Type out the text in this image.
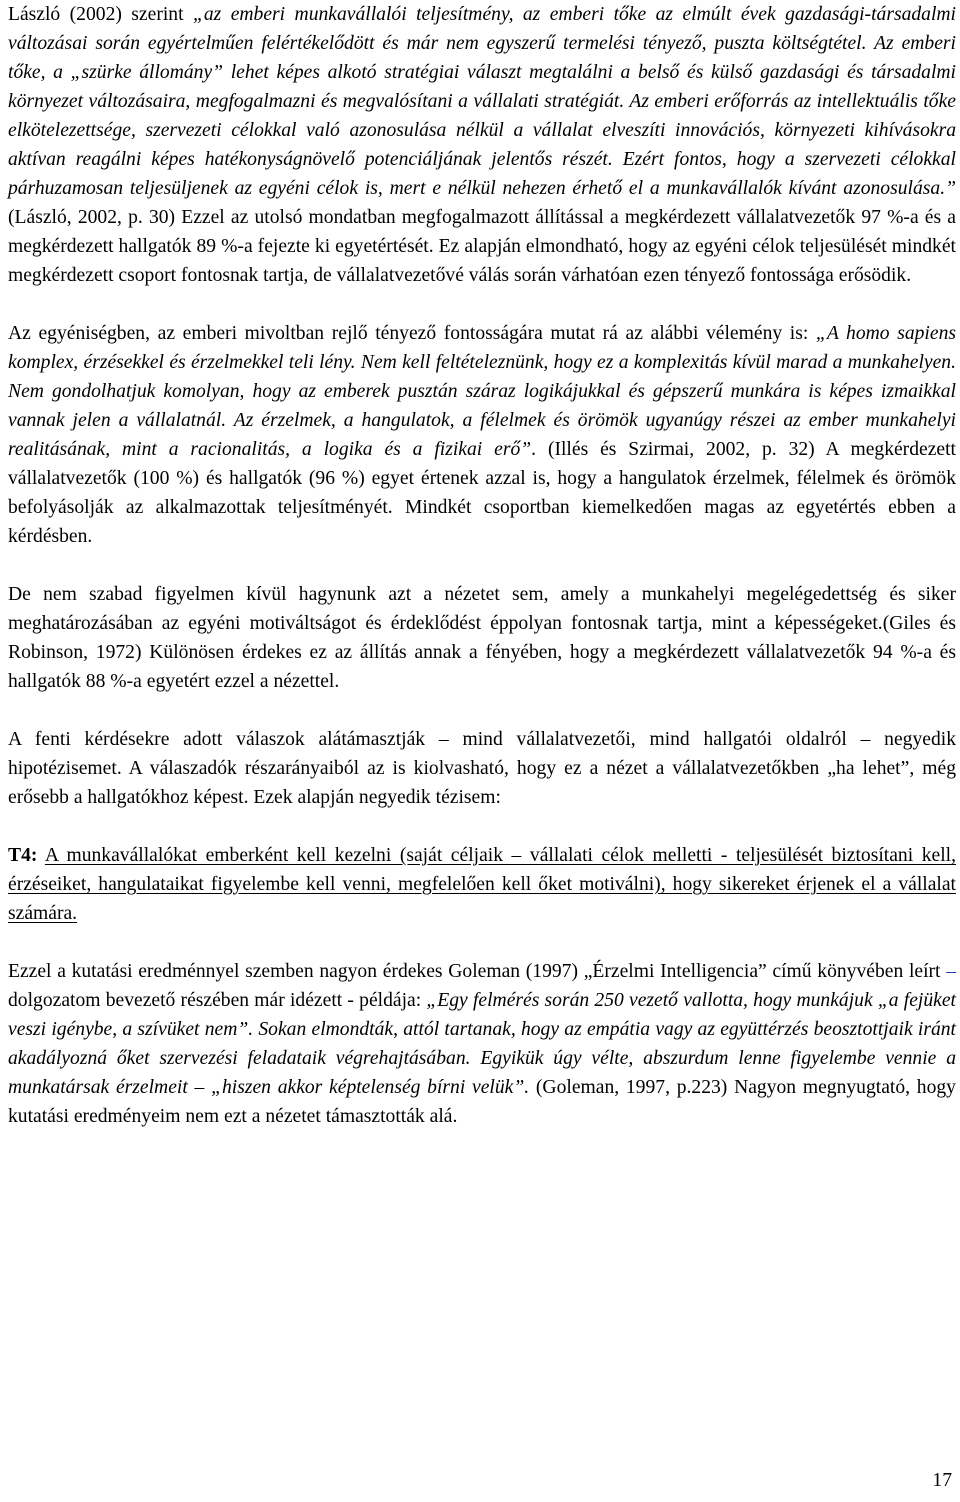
László (2002) szerint „az emberi munkavállalói teljesítmény, az emberi tőke az elmúlt évek gazdasági-társadalmi változásai során egyértelműen felértékelődött és már nem egyszerű termelési tényező, puszta költségtétel. Az emberi tőke, a „szürke állomány” lehet képes alkotó stratégiai választ megtalálni a belső és külső gazdasági és társadalmi környezet változásaira, megfogalmazni és megvalósítani a vállalati stratégiát. Az emberi erőforrás az intellektuális tőke elkötelezettsége, szervezeti célokkal való azonosulása nélkül a vállalat elveszíti innovációs, környezeti kihívásokra aktívan reagálni képes hatékonyságnövelő potenciáljának jelentős részét. Ezért fontos, hogy a szervezeti célokkal párhuzamosan teljesüljenek az egyéni célok is, mert e nélkül nehezen érhető el a munkavállalók kívánt azonosulása.” (László, 2002, p. 30) Ezzel az utolsó mondatban megfogalmazott állítással a megkérdezett vállalatvezetők 97 %-a és a megkérdezett hallgatók 89 %-a fejezte ki egyetértését. Ez alapján elmondható, hogy az egyéni célok teljesülését mindkét megkérdezett csoport fontosnak tartja, de vállalatvezetővé válás során várhatóan ezen tényező fontossága erősödik.

Az egyéniségben, az emberi mivoltban rejlő tényező fontosságára mutat rá az alábbi vélemény is: „A homo sapiens komplex, érzésekkel és érzelmekkel teli lény. Nem kell feltételeznünk, hogy ez a komplexitás kívül marad a munkahelyen. Nem gondolhatjuk komolyan, hogy az emberek pusztán száraz logikájukkal és gépszerű munkára is képes izmaikkal vannak jelen a vállalatnál. Az érzelmek, a hangulatok, a félelmek és örömök ugyanúgy részei az ember munkahelyi realitásának, mint a racionalitás, a logika és a fizikai erő”. (Illés és Szirmai, 2002, p. 32) A megkérdezett vállalatvezetők (100 %) és hallgatók (96 %) egyet értenek azzal is, hogy a hangulatok érzelmek, félelmek és örömök befolyásolják az alkalmazottak teljesítményét. Mindkét csoportban kiemelkedően magas az egyetértés ebben a kérdésben.

De nem szabad figyelmen kívül hagynunk azt a nézetet sem, amely a munkahelyi megelégedettség és siker meghatározásában az egyéni motiváltságot és érdeklődést éppolyan fontosnak tartja, mint a képességeket.(Giles és Robinson, 1972) Különösen érdekes ez az állítás annak a fényében, hogy a megkérdezett vállalatvezetők 94 %-a és hallgatók 88 %-a egyetért ezzel a nézettel.

A fenti kérdésekre adott válaszok alátámasztják – mind vállalatvezetői, mind hallgatói oldalról – negyedik hipotézisemet. A válaszadók részarányaiból az is kiolvasható, hogy ez a nézet a vállalatvezetőkben „ha lehet”, még erősebb a hallgatókhoz képest. Ezek alapján negyedik tézisem:

T4: A munkavállalókat emberként kell kezelni (saját céljaik – vállalati célok melletti - teljesülését biztosítani kell, érzéseiket, hangulataikat figyelembe kell venni, megfelelően kell őket motiválni), hogy sikereket érjenek el a vállalat számára.

Ezzel a kutatási eredménnyel szemben nagyon érdekes Goleman (1997) „Érzelmi Intelligencia” című könyvében leírt – dolgozatom bevezető részében már idézett - példája: „Egy felmérés során 250 vezető vallotta, hogy munkájuk „a fejüket veszi igénybe, a szívüket nem”. Sokan elmondták, attól tartanak, hogy az empátia vagy az együttérzés beosztottjaik iránt akadályozná őket szervezési feladataik végrehajtásában. Egyikük úgy vélte, abszurdum lenne figyelembe vennie a munkatársak érzelmeit – „hiszen akkor képtelenség bírni velük”. (Goleman, 1997, p.223) Nagyon megnyugtató, hogy kutatási eredményeim nem ezt a nézetet támasztották alá.

17
